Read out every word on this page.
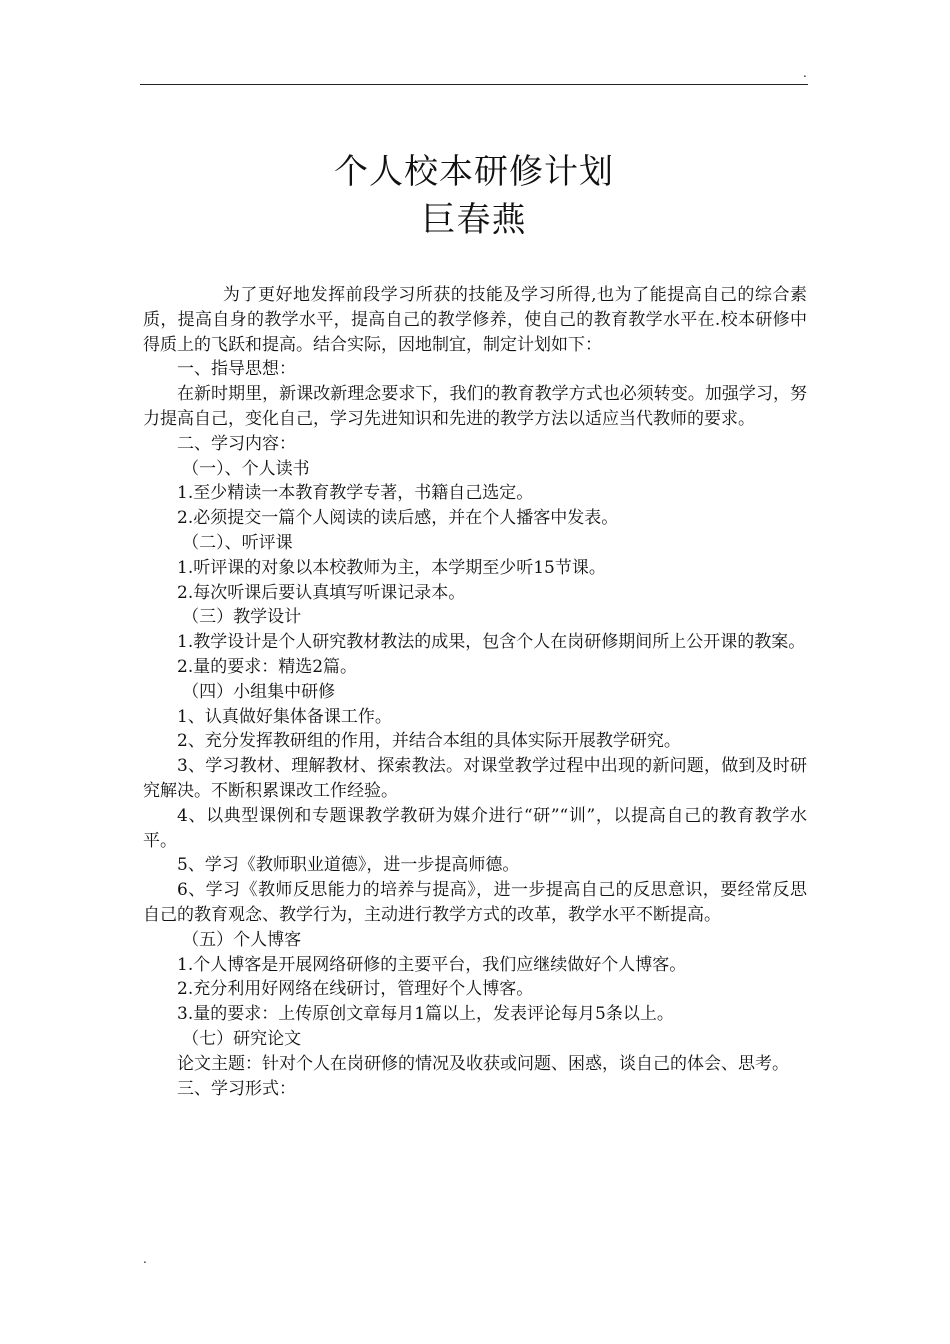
.
个人校本研修计划
巨春燕

为了更好地发挥前段学习所获的技能及学习所得,也为了能提高自己的综合素质，提高自身的教学水平，提高自己的教学修养，使自己的教育教学水平在.校本研修中得质上的飞跃和提高。结合实际，因地制宜，制定计划如下：

一、指导思想：

在新时期里，新课改新理念要求下，我们的教育教学方式也必须转变。加强学习，努力提高自己，变化自己，学习先进知识和先进的教学方法以适应当代教师的要求。

二、学习内容：

（一）、个人读书

1.至少精读一本教育教学专著，书籍自己选定。

2.必须提交一篇个人阅读的读后感，并在个人播客中发表。

（二）、听评课

1.听评课的对象以本校教师为主，本学期至少听15节课。

2.每次听课后要认真填写听课记录本。

（三）教学设计

1.教学设计是个人研究教材教法的成果，包含个人在岗研修期间所上公开课的教案。

2.量的要求：精选2篇。

（四）小组集中研修

1、认真做好集体备课工作。

2、充分发挥教研组的作用，并结合本组的具体实际开展教学研究。

3、学习教材、理解教材、探索教法。对课堂教学过程中出现的新问题，做到及时研究解决。不断积累课改工作经验。

4、以典型课例和专题课教学教研为媒介进行“研”“训”，以提高自己的教育教学水平。

5、学习《教师职业道德》，进一步提高师德。

6、学习《教师反思能力的培养与提高》，进一步提高自己的反思意识，要经常反思自己的教育观念、教学行为，主动进行教学方式的改革，教学水平不断提高。

（五）个人博客

1.个人博客是开展网络研修的主要平台，我们应继续做好个人博客。

2.充分利用好网络在线研讨，管理好个人博客。

3.量的要求：上传原创文章每月1篇以上，发表评论每月5条以上。

（七）研究论文

论文主题：针对个人在岗研修的情况及收获或问题、困惑，谈自己的体会、思考。

三、学习形式：

.
